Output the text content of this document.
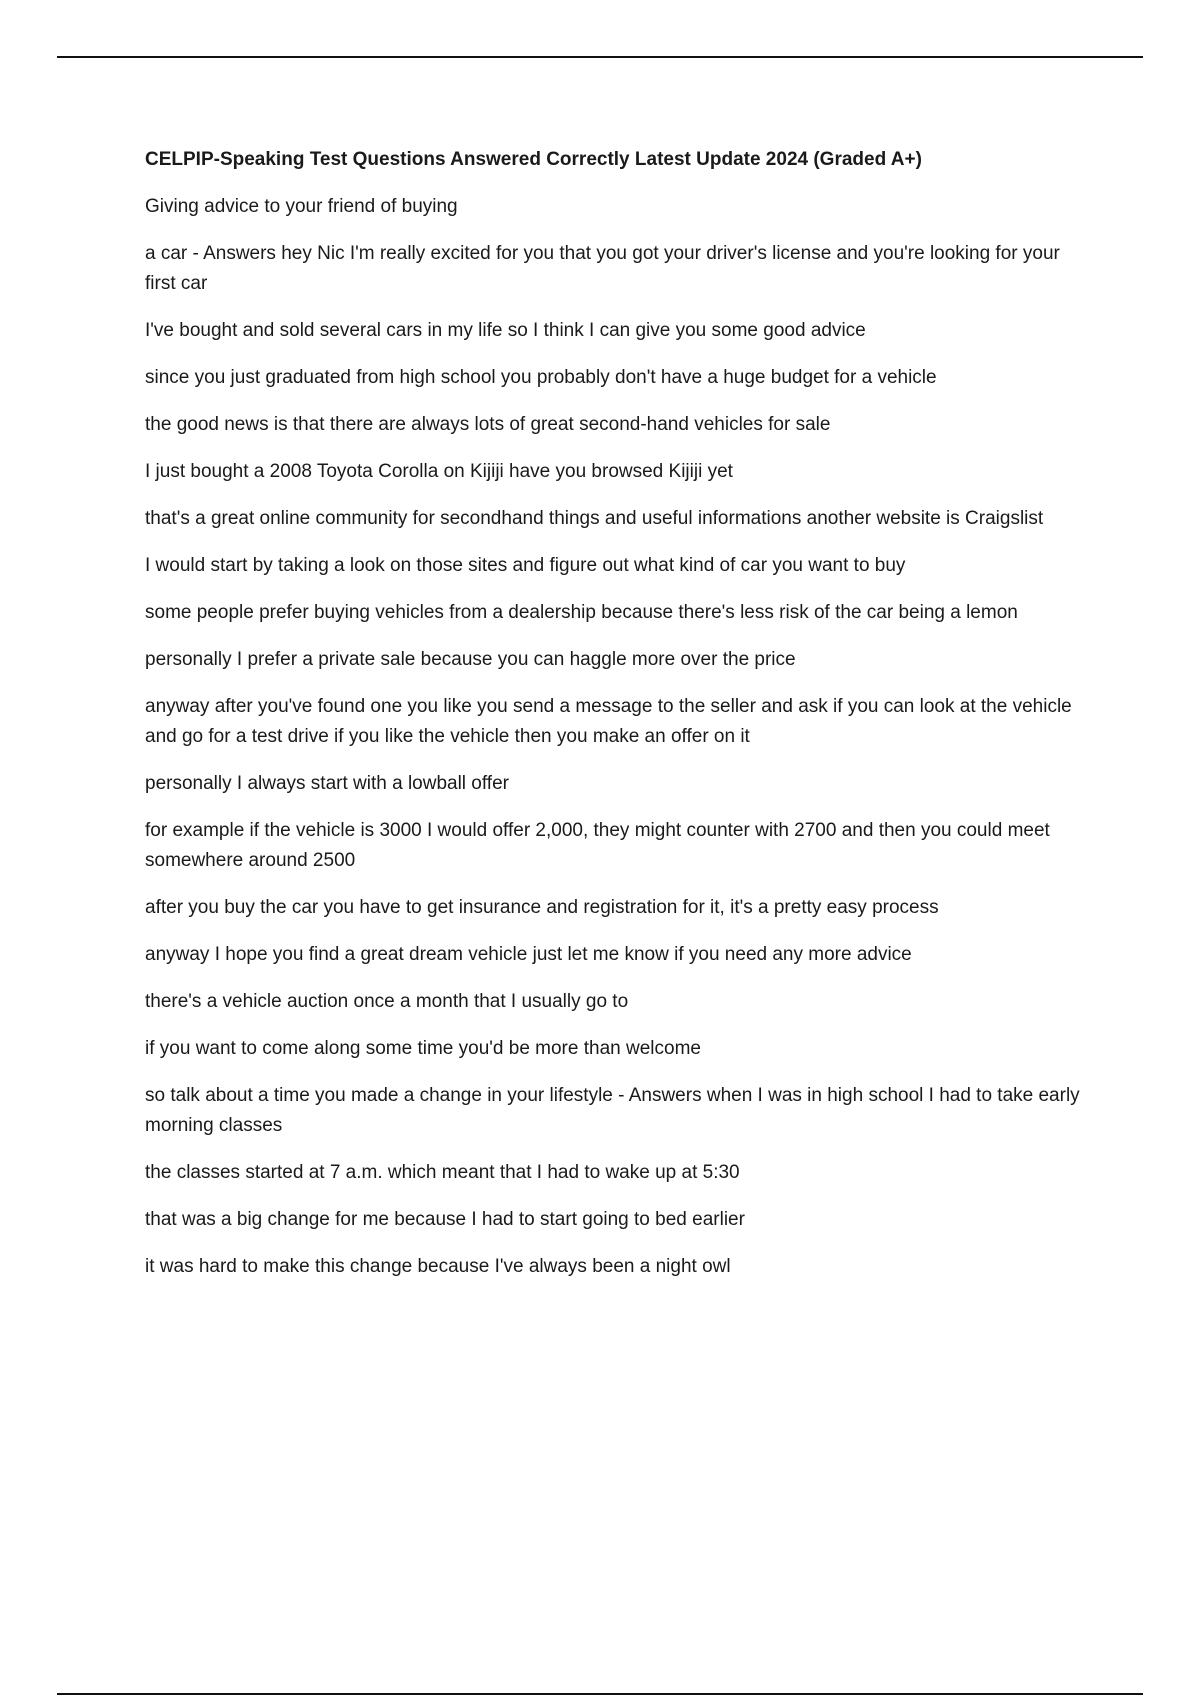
CELPIP-Speaking Test Questions Answered Correctly Latest Update 2024 (Graded A+)

Giving advice to your friend of buying

a car - Answers hey Nic I'm really excited for you that you got your driver's license and you're looking for your first car

I've bought and sold several cars in my life so I think I can give you some good advice

since you just graduated from high school you probably don't have a huge budget for a vehicle

the good news is that there are always lots of great second-hand vehicles for sale

I just bought a 2008 Toyota Corolla on Kijiji have you browsed Kijiji yet

that's a great online community for secondhand things and useful informations another website is Craigslist

I would start by taking a look on those sites and figure out what kind of car you want to buy

some people prefer buying vehicles from a dealership because there's less risk of the car being a lemon

personally I prefer a private sale because you can haggle more over the price

anyway after you've found one you like you send a message to the seller and ask if you can look at the vehicle and go for a test drive if you like the vehicle then you make an offer on it

personally I always start with a lowball offer

for example if the vehicle is 3000 I would offer 2,000, they might counter with 2700 and then you could meet somewhere around 2500

after you buy the car you have to get insurance and registration for it, it's a pretty easy process

anyway I hope you find a great dream vehicle just let me know if you need any more advice

there's a vehicle auction once a month that I usually go to

if you want to come along some time you'd be more than welcome

so talk about a time you made a change in your lifestyle - Answers when I was in high school I had to take early morning classes

the classes started at 7 a.m. which meant that I had to wake up at 5:30

that was a big change for me because I had to start going to bed earlier

it was hard to make this change because I've always been a night owl
